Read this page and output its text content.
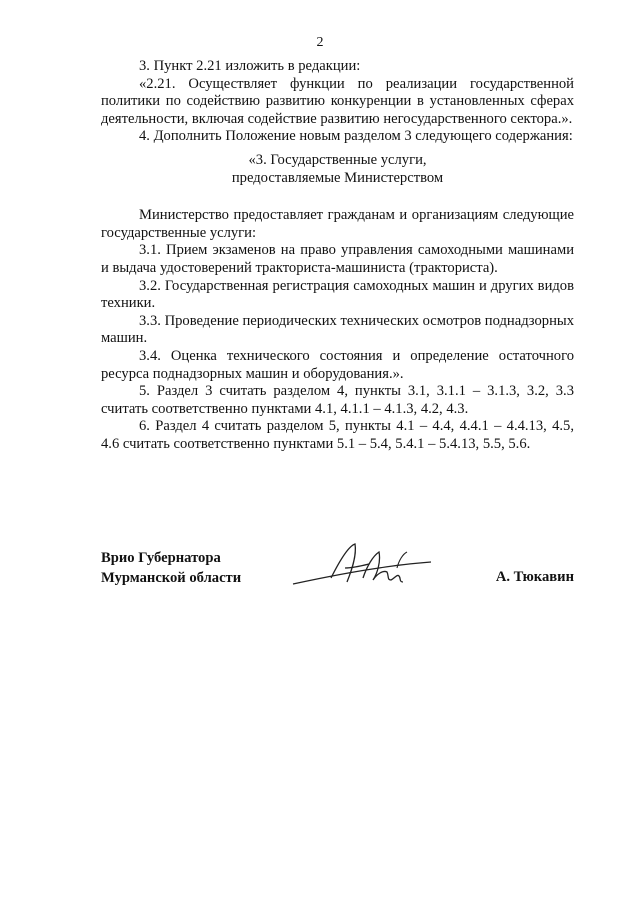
2

3. Пункт 2.21 изложить в редакции:

«2.21. Осуществляет функции по реализации государственной политики по содействию развитию конкуренции в установленных сферах деятельности, включая содействие развитию негосударственного сектора.».

4. Дополнить Положение новым разделом 3 следующего содержания:

«3. Государственные услуги,
предоставляемые Министерством

Министерство предоставляет гражданам и организациям следующие государственные услуги:

3.1. Прием экзаменов на право управления самоходными машинами и выдача удостоверений тракториста-машиниста (тракториста).

3.2. Государственная регистрация самоходных машин и других видов техники.

3.3. Проведение периодических технических осмотров поднадзорных машин.

3.4. Оценка технического состояния и определение остаточного ресурса поднадзорных машин и оборудования.».

5. Раздел 3 считать разделом 4, пункты 3.1, 3.1.1 – 3.1.3, 3.2, 3.3 считать соответственно пунктами 4.1, 4.1.1 – 4.1.3, 4.2, 4.3.

6. Раздел 4 считать разделом 5, пункты 4.1 – 4.4, 4.4.1 – 4.4.13, 4.5, 4.6 считать соответственно пунктами 5.1 – 5.4, 5.4.1 – 5.4.13, 5.5, 5.6.

Врио Губернатора
Мурманской области	А. Тюкавин
